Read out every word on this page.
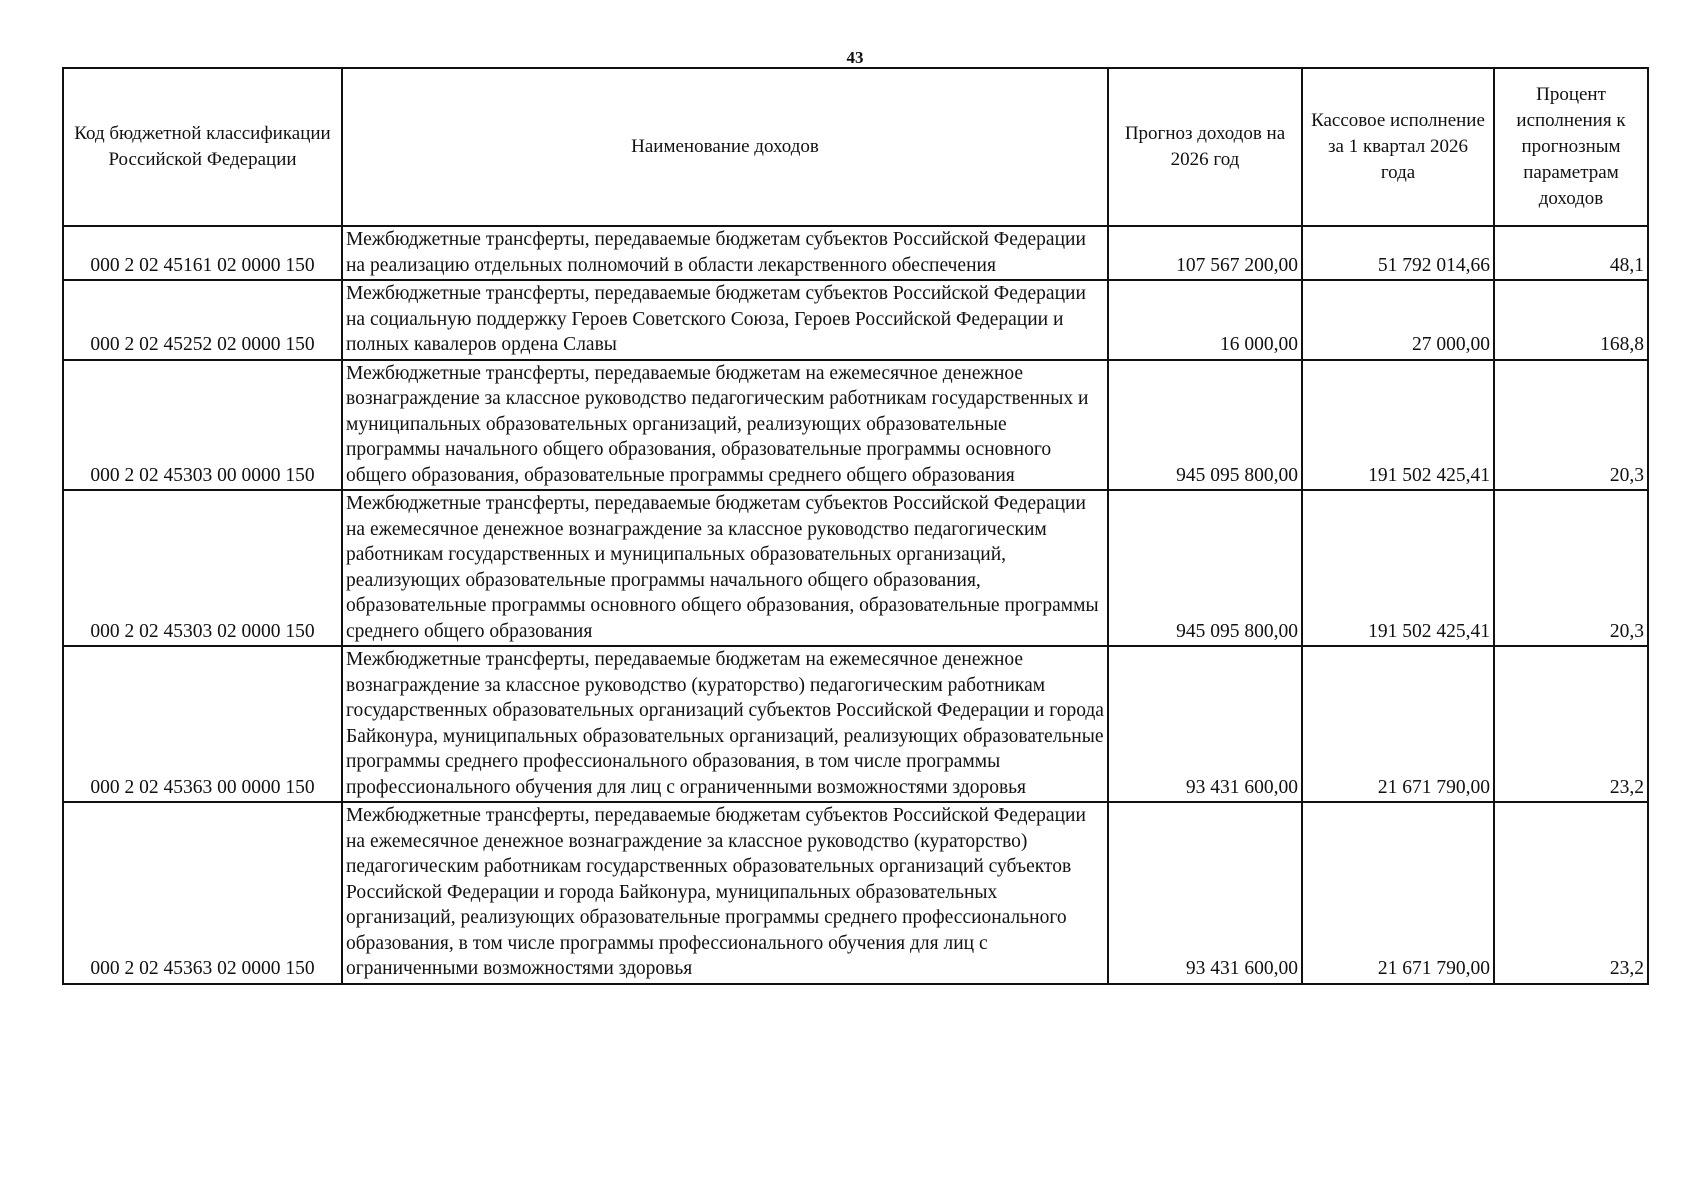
43
Код бюджетной классификации Российской Федерации	Наименование доходов	Прогноз доходов на 2026 год	Кассовое исполнение за 1 квартал 2026 года	Процент исполнения к прогнозным параметрам доходов
000 2 02 45161 02 0000 150	Межбюджетные трансферты, передаваемые бюджетам субъектов Российской Федерации на реализацию отдельных полномочий в области лекарственного обеспечения	107 567 200,00	51 792 014,66	48,1
000 2 02 45252 02 0000 150	Межбюджетные трансферты, передаваемые бюджетам субъектов Российской Федерации на социальную поддержку Героев Советского Союза, Героев Российской Федерации и полных кавалеров ордена Славы	16 000,00	27 000,00	168,8
000 2 02 45303 00 0000 150	Межбюджетные трансферты, передаваемые бюджетам на ежемесячное денежное вознаграждение за классное руководство педагогическим работникам государственных и муниципальных образовательных организаций, реализующих образовательные программы начального общего образования, образовательные программы основного общего образования, образовательные программы среднего общего образования	945 095 800,00	191 502 425,41	20,3
000 2 02 45303 02 0000 150	Межбюджетные трансферты, передаваемые бюджетам субъектов Российской Федерации на ежемесячное денежное вознаграждение за классное руководство педагогическим работникам государственных и муниципальных образовательных организаций, реализующих образовательные программы начального общего образования, образовательные программы основного общего образования, образовательные программы среднего общего образования	945 095 800,00	191 502 425,41	20,3
000 2 02 45363 00 0000 150	Межбюджетные трансферты, передаваемые бюджетам на ежемесячное денежное вознаграждение за классное руководство (кураторство) педагогическим работникам государственных образовательных организаций субъектов Российской Федерации и города Байконура, муниципальных образовательных организаций, реализующих образовательные программы среднего профессионального образования, в том числе программы профессионального обучения для лиц с ограниченными возможностями здоровья	93 431 600,00	21 671 790,00	23,2
000 2 02 45363 02 0000 150	Межбюджетные трансферты, передаваемые бюджетам субъектов Российской Федерации на ежемесячное денежное вознаграждение за классное руководство (кураторство) педагогическим работникам государственных образовательных организаций субъектов Российской Федерации и города Байконура, муниципальных образовательных организаций, реализующих образовательные программы среднего профессионального образования, в том числе программы профессионального обучения для лиц с ограниченными возможностями здоровья	93 431 600,00	21 671 790,00	23,2
